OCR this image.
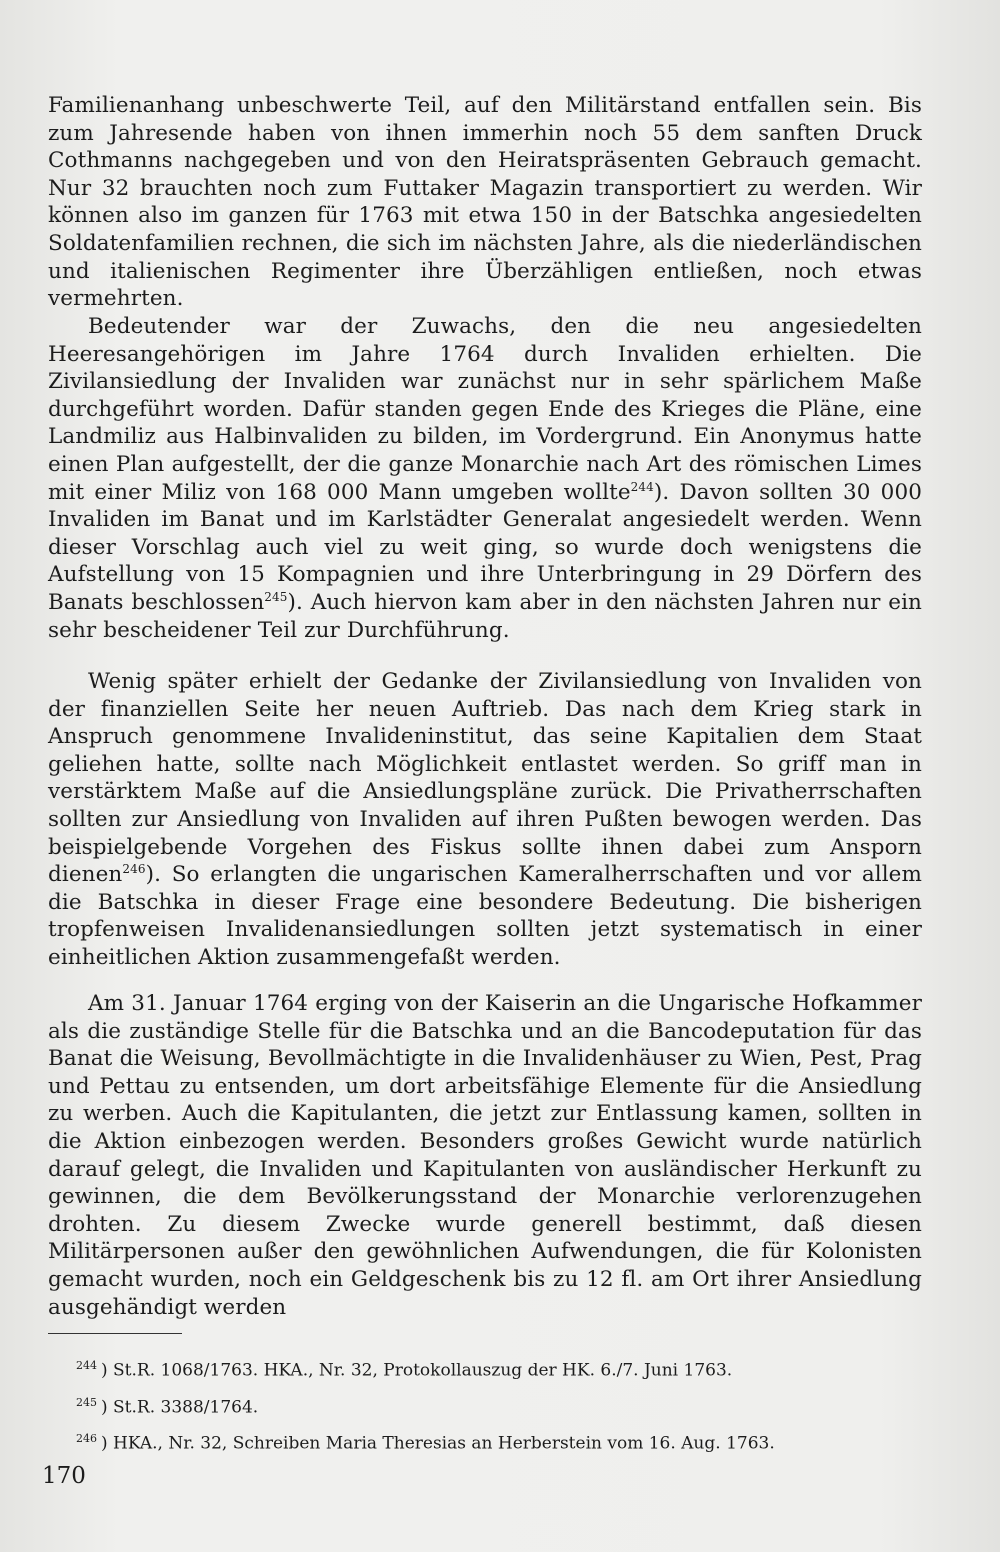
Familienanhang unbeschwerte Teil, auf den Militärstand entfallen sein. Bis zum Jahresende haben von ihnen immerhin noch 55 dem sanften Druck Cothmanns nachgegeben und von den Heiratspräsenten Gebrauch gemacht. Nur 32 brauchten noch zum Futtaker Magazin transportiert zu werden. Wir können also im ganzen für 1763 mit etwa 150 in der Batschka angesiedelten Soldatenfamilien rechnen, die sich im nächsten Jahre, als die niederländischen und italienischen Regimenter ihre Überzähligen entließen, noch etwas vermehrten.

Bedeutender war der Zuwachs, den die neu angesiedelten Heeresangehörigen im Jahre 1764 durch Invaliden erhielten. Die Zivilansiedlung der Invaliden war zunächst nur in sehr spärlichem Maße durchgeführt worden. Dafür standen gegen Ende des Krieges die Pläne, eine Landmiliz aus Halbinvaliden zu bilden, im Vordergrund. Ein Anonymus hatte einen Plan aufgestellt, der die ganze Monarchie nach Art des römischen Limes mit einer Miliz von 168 000 Mann umgeben wollte$^{244}$). Davon sollten 30 000 Invaliden im Banat und im Karlstädter Generalat angesiedelt werden. Wenn dieser Vorschlag auch viel zu weit ging, so wurde doch wenigstens die Aufstellung von 15 Kompagnien und ihre Unterbringung in 29 Dörfern des Banats beschlossen$^{245}$). Auch hiervon kam aber in den nächsten Jahren nur ein sehr bescheidener Teil zur Durchführung.

Wenig später erhielt der Gedanke der Zivilansiedlung von Invaliden von der finanziellen Seite her neuen Auftrieb. Das nach dem Krieg stark in Anspruch genommene Invalideninstitut, das seine Kapitalien dem Staat geliehen hatte, sollte nach Möglichkeit entlastet werden. So griff man in verstärktem Maße auf die Ansiedlungspläne zurück. Die Privatherrschaften sollten zur Ansiedlung von Invaliden auf ihren Pußten bewogen werden. Das beispielgebende Vorgehen des Fiskus sollte ihnen dabei zum Ansporn dienen$^{246}$). So erlangten die ungarischen Kameralherrschaften und vor allem die Batschka in dieser Frage eine besondere Bedeutung. Die bisherigen tropfenweisen Invalidenansiedlungen sollten jetzt systematisch in einer einheitlichen Aktion zusammengefaßt werden.

Am 31. Januar 1764 erging von der Kaiserin an die Ungarische Hofkammer als die zuständige Stelle für die Batschka und an die Bancodeputation für das Banat die Weisung, Bevollmächtigte in die Invalidenhäuser zu Wien, Pest, Prag und Pettau zu entsenden, um dort arbeitsfähige Elemente für die Ansiedlung zu werben. Auch die Kapitulanten, die jetzt zur Entlassung kamen, sollten in die Aktion einbezogen werden. Besonders großes Gewicht wurde natürlich darauf gelegt, die Invaliden und Kapitulanten von ausländischer Herkunft zu gewinnen, die dem Bevölkerungsstand der Monarchie verlorenzugehen drohten. Zu diesem Zwecke wurde generell bestimmt, daß diesen Militärpersonen außer den gewöhnlichen Aufwendungen, die für Kolonisten gemacht wurden, noch ein Geldgeschenk bis zu 12 fl. am Ort ihrer Ansiedlung ausgehändigt werden

$^{244}$ ) St.R. 1068/1763. HKA., Nr. 32, Protokollauszug der HK. 6./7. Juni 1763.
$^{245}$ ) St.R. 3388/1764.
$^{246}$ ) HKA., Nr. 32, Schreiben Maria Theresias an Herberstein vom 16. Aug. 1763.
170
